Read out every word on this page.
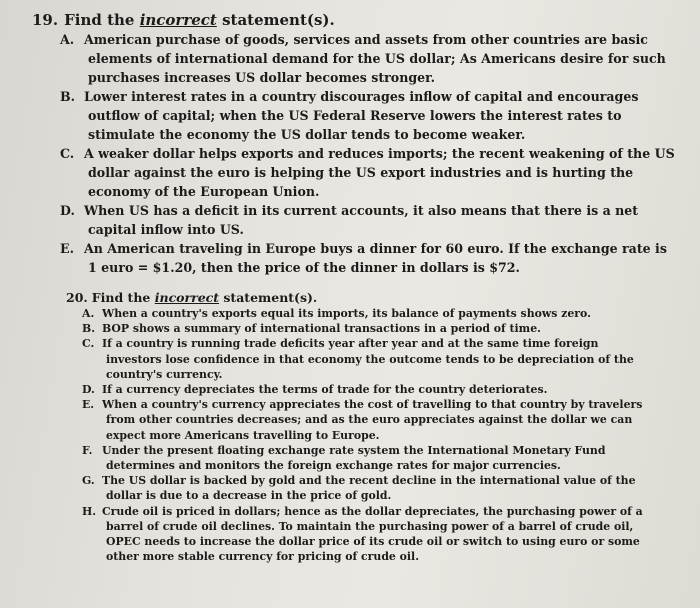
19. Find the incorrect statement(s).
A. American purchase of goods, services and assets from other countries are basic elements of international demand for the US dollar; As Americans desire for such purchases increases US dollar becomes stronger.
B. Lower interest rates in a country discourages inflow of capital and encourages outflow of capital; when the US Federal Reserve lowers the interest rates to stimulate the economy the US dollar tends to become weaker.
C. A weaker dollar helps exports and reduces imports; the recent weakening of the US dollar against the euro is helping the US export industries and is hurting the economy of the European Union.
D. When US has a deficit in its current accounts, it also means that there is a net capital inflow into US.
E. An American traveling in Europe buys a dinner for 60 euro. If the exchange rate is 1 euro = $1.20, then the price of the dinner in dollars is $72.
20. Find the incorrect statement(s).
A. When a country's exports equal its imports, its balance of payments shows zero.
B. BOP shows a summary of international transactions in a period of time.
C. If a country is running trade deficits year after year and at the same time foreign investors lose confidence in that economy the outcome tends to be depreciation of the country's currency.
D. If a currency depreciates the terms of trade for the country deteriorates.
E. When a country's currency appreciates the cost of travelling to that country by travelers from other countries decreases; and as the euro appreciates against the dollar we can expect more Americans travelling to Europe.
F. Under the present floating exchange rate system the International Monetary Fund determines and monitors the foreign exchange rates for major currencies.
G. The US dollar is backed by gold and the recent decline in the international value of the dollar is due to a decrease in the price of gold.
H. Crude oil is priced in dollars; hence as the dollar depreciates, the purchasing power of a barrel of crude oil declines. To maintain the purchasing power of a barrel of crude oil, OPEC needs to increase the dollar price of its crude oil or switch to using euro or some other more stable currency for pricing of crude oil.
